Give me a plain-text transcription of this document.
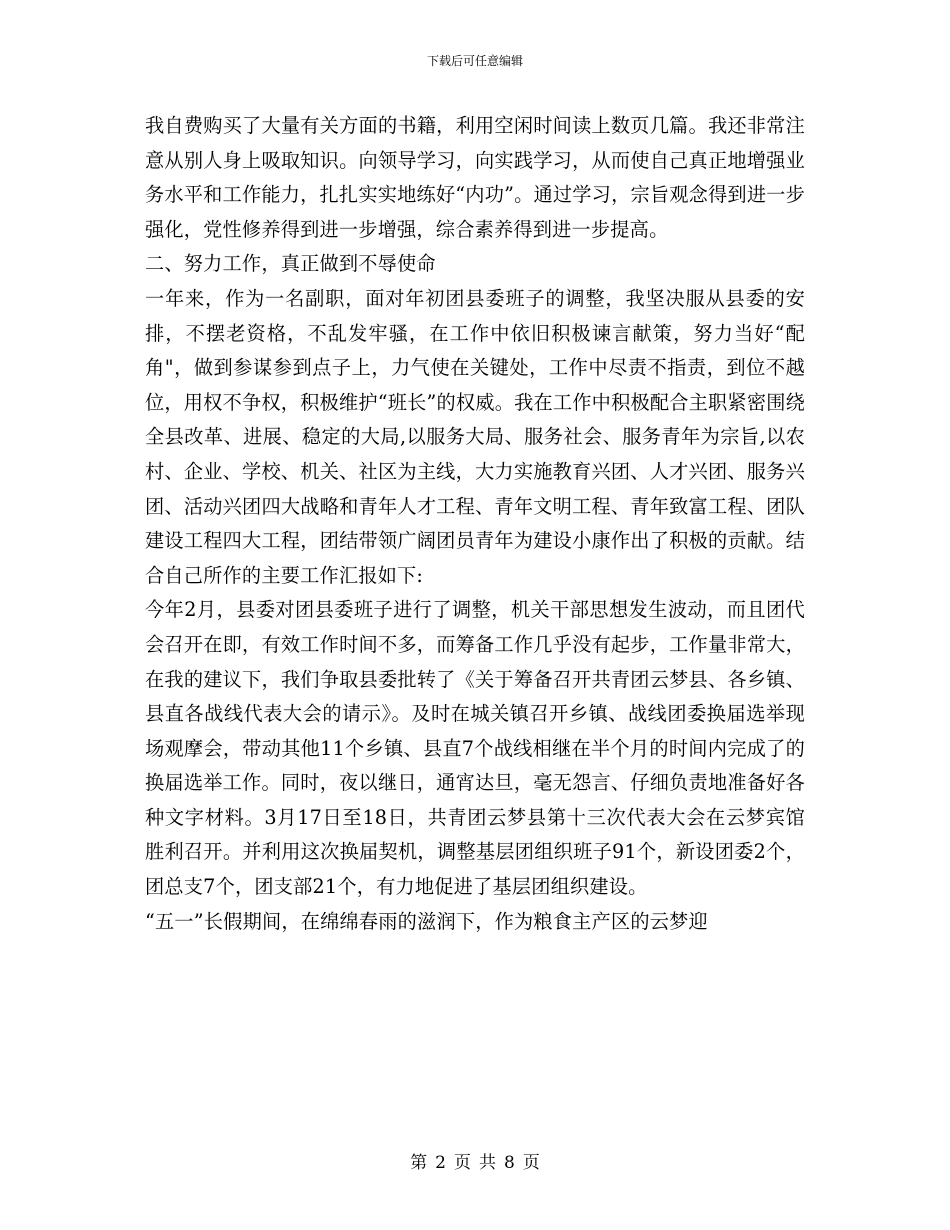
下载后可任意编辑

我自费购买了大量有关方面的书籍，利用空闲时间读上数页几篇。我还非常注意从别人身上吸取知识。向领导学习，向实践学习，从而使自己真正地增强业务水平和工作能力，扎扎实实地练好“内功”。通过学习，宗旨观念得到进一步强化，党性修养得到进一步增强，综合素养得到进一步提高。

二、努力工作，真正做到不辱使命

一年来，作为一名副职，面对年初团县委班子的调整，我坚决服从县委的安排，不摆老资格，不乱发牢骚，在工作中依旧积极谏言献策，努力当好“配角"，做到参谋参到点子上，力气使在关键处，工作中尽责不指责，到位不越位，用权不争权，积极维护“班长”的权威。我在工作中积极配合主职紧密围绕全县改革、进展、稳定的大局,以服务大局、服务社会、服务青年为宗旨,以农村、企业、学校、机关、社区为主线，大力实施教育兴团、人才兴团、服务兴团、活动兴团四大战略和青年人才工程、青年文明工程、青年致富工程、团队建设工程四大工程，团结带领广阔团员青年为建设小康作出了积极的贡献。结合自己所作的主要工作汇报如下:

今年2月，县委对团县委班子进行了调整，机关干部思想发生波动，而且团代会召开在即，有效工作时间不多，而筹备工作几乎没有起步，工作量非常大，在我的建议下，我们争取县委批转了《关于筹备召开共青团云梦县、各乡镇、县直各战线代表大会的请示》。及时在城关镇召开乡镇、战线团委换届选举现场观摩会，带动其他11个乡镇、县直7个战线相继在半个月的时间内完成了的换届选举工作。同时，夜以继日，通宵达旦，毫无怨言、仔细负责地准备好各种文字材料。3月17日至18日，共青团云梦县第十三次代表大会在云梦宾馆胜利召开。并利用这次换届契机，调整基层团组织班子91个，新设团委2个，团总支7个，团支部21个，有力地促进了基层团组织建设。

“五一”长假期间，在绵绵春雨的滋润下，作为粮食主产区的云梦迎

第 2 页 共 8 页
